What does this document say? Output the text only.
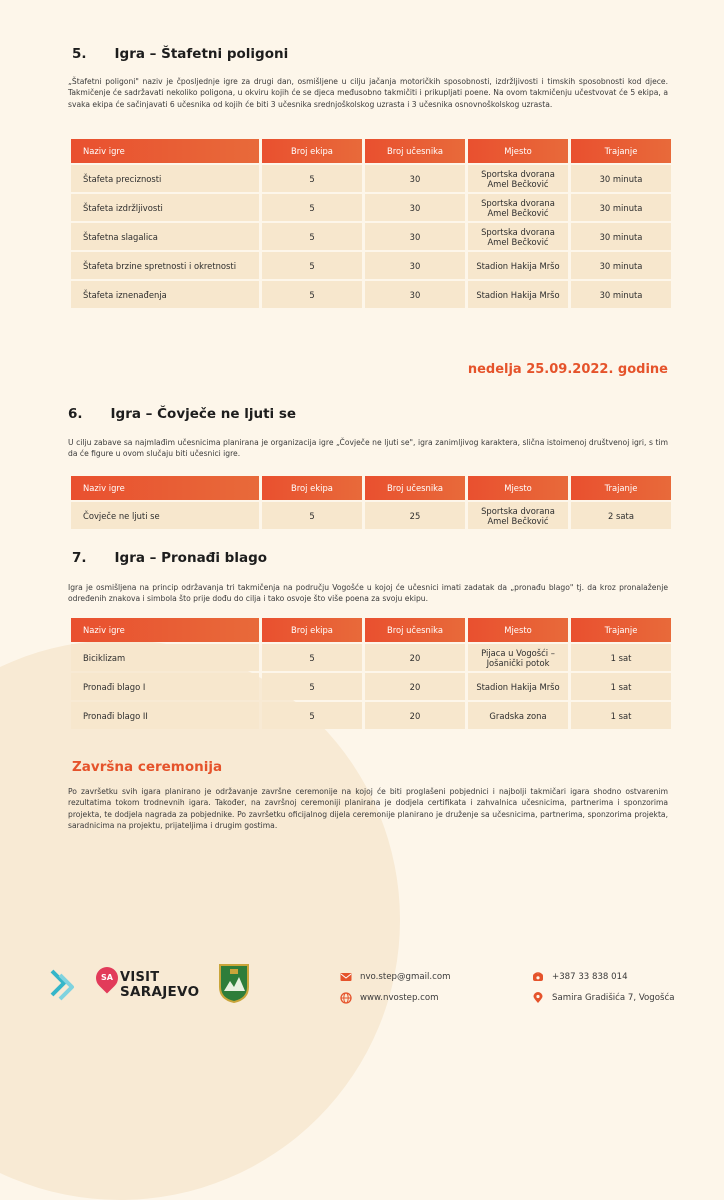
5. Igra – Štafetni poligoni
„Štafetni poligoni" naziv je čposljednje igre za drugi dan, osmišljene u cilju jačanja motoričkih sposobnosti, izdržljivosti i timskih sposobnosti kod djece. Takmičenje će sadržavati nekoliko poligona, u okviru kojih će se djeca međusobno takmičiti i prikupljati poene. Na ovom takmičenju učestvovat će 5 ekipa, a svaka ekipa će sačinjavati 6 učesnika od kojih će biti 3 učesnika srednjoškolskog uzrasta i 3 učesnika osnovnoškolskog uzrasta.
Naziv igre	Broj ekipa	Broj učesnika	Mjesto	Trajanje
Štafeta preciznosti	5	30	Sportska dvorana Amel Bečković	30 minuta
Štafeta izdržljivosti	5	30	Sportska dvorana Amel Bečković	30 minuta
Štafetna slagalica	5	30	Sportska dvorana Amel Bečković	30 minuta
Štafeta brzine spretnosti i okretnosti	5	30	Stadion Hakija Mršo	30 minuta
Štafeta iznenađenja	5	30	Stadion Hakija Mršo	30 minuta
nedelja 25.09.2022. godine
6. Igra – Čovječe ne ljuti se
U cilju zabave sa najmlađim učesnicima planirana je organizacija igre „Čovječe ne ljuti se", igra zanimljivog karaktera, slična istoimenoj društvenoj igri, s tim da će figure u ovom slučaju biti učesnici igre.
Naziv igre	Broj ekipa	Broj učesnika	Mjesto	Trajanje
Čovječe ne ljuti se	5	25	Sportska dvorana Amel Bečković	2 sata
7. Igra – Pronađi blago
Igra je osmišljena na princip održavanja tri takmičenja na području Vogošće u kojoj će učesnici imati zadatak da „pronađu blago" tj. da kroz pronalaženje određenih znakova i simbola što prije dođu do cilja i tako osvoje što više poena za svoju ekipu.
Naziv igre	Broj ekipa	Broj učesnika	Mjesto	Trajanje
Biciklizam	5	20	Pijaca u Vogošći – Jošanički potok	1 sat
Pronađi blago I	5	20	Stadion Hakija Mršo	1 sat
Pronađi blago II	5	20	Gradska zona	1 sat
Završna ceremonija
Po završetku svih igara planirano je održavanje završne ceremonije na kojoj će biti proglašeni pobjednici i najbolji takmičari igara shodno ostvarenim rezultatima tokom trodnevnih igara. Također, na završnoj ceremoniji planirana je dodjela certifikata i zahvalnica učesnicima, partnerima i sponzorima projekta, te dodjela nagrada za pobjednike. Po završetku oficijalnog dijela ceremonije planirano je druženje sa učesnicima, partnerima, sponzorima projekta, saradnicima na projektu, prijateljima i drugim gostima.
SA VISIT
SARAJEVO
nvo.step@gmail.com
www.nvostep.com
+387 33 838 014
Samira Gradišića 7, Vogošća
